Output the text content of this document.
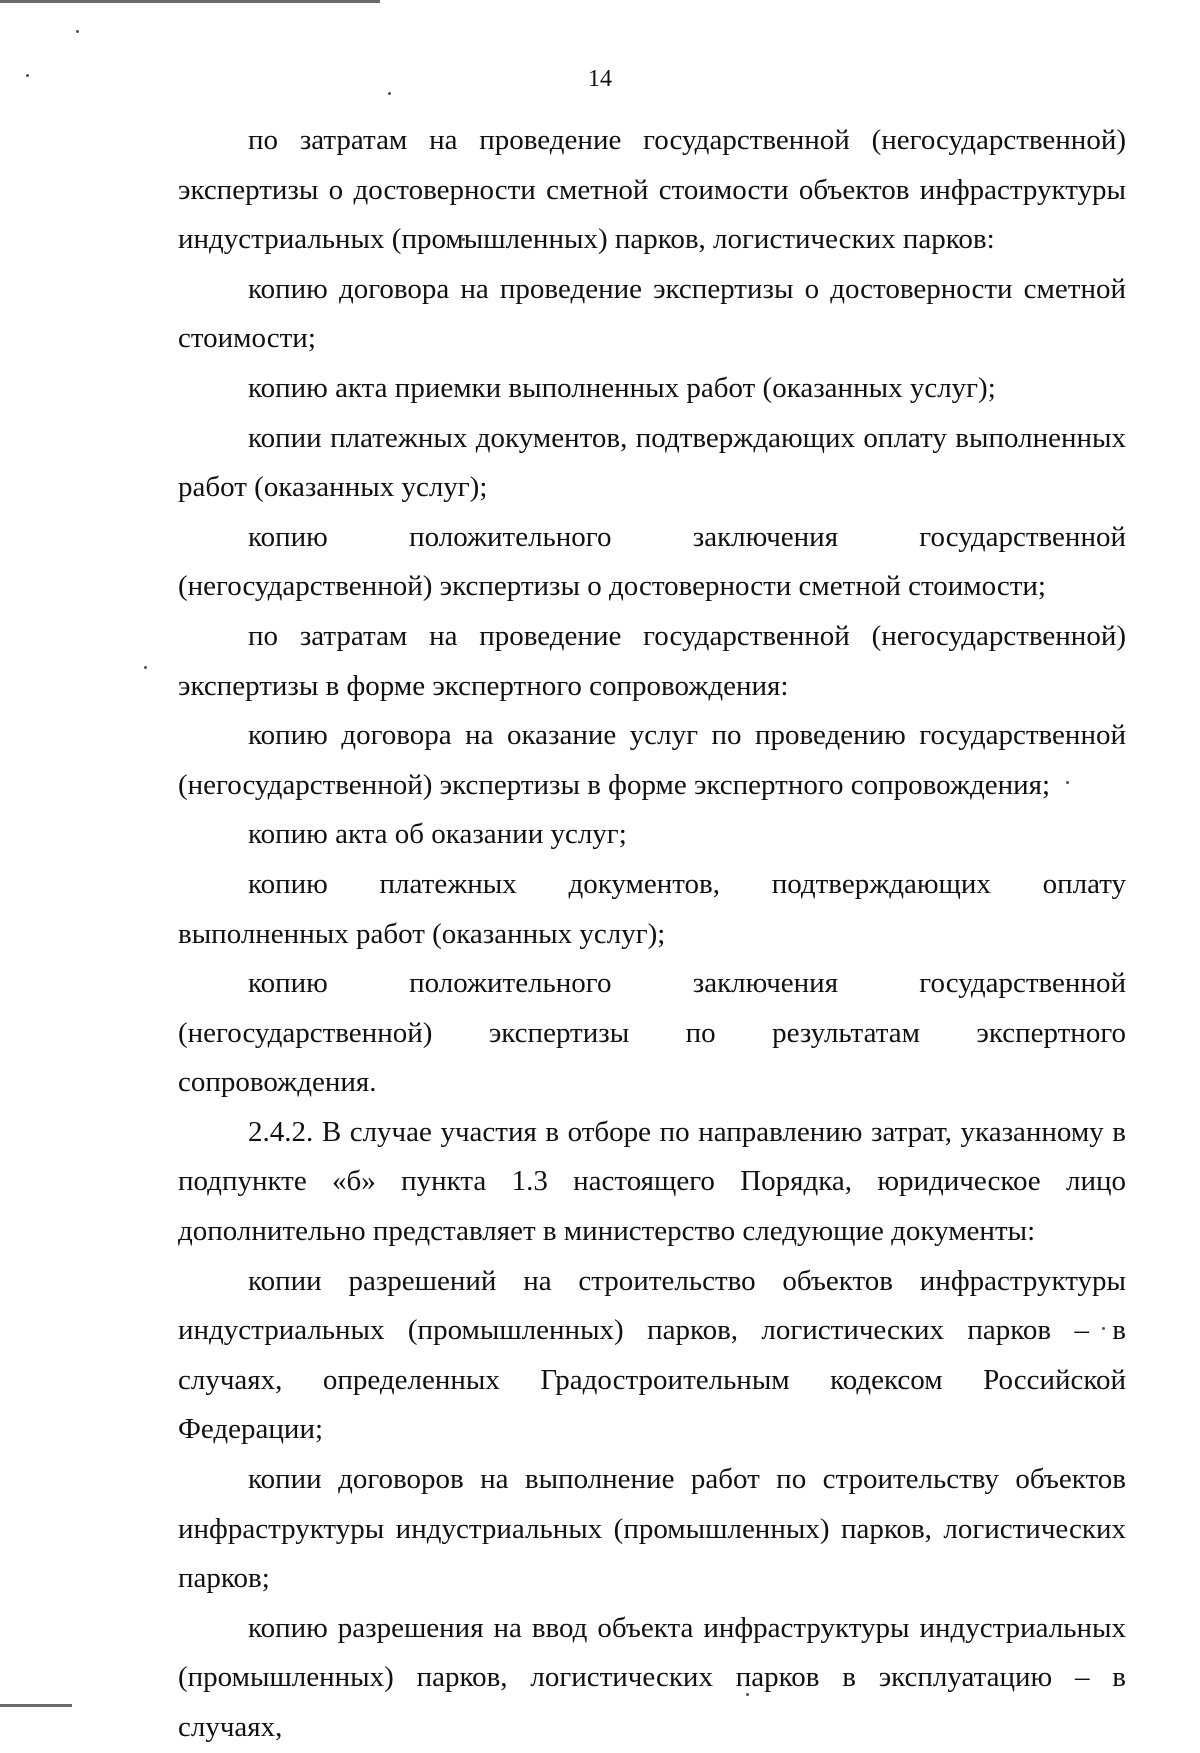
14

по затратам на проведение государственной (негосударственной) экспертизы о достоверности сметной стоимости объектов инфраструктуры индустриальных (промышленных) парков, логистических парков:

копию договора на проведение экспертизы о достоверности сметной стоимости;

копию акта приемки выполненных работ (оказанных услуг);

копии платежных документов, подтверждающих оплату выполненных работ (оказанных услуг);

копию положительного заключения государственной (негосударственной) экспертизы о достоверности сметной стоимости;

по затратам на проведение государственной (негосударственной) экспертизы в форме экспертного сопровождения:

копию договора на оказание услуг по проведению государственной (негосударственной) экспертизы в форме экспертного сопровождения;

копию акта об оказании услуг;

копию платежных документов, подтверждающих оплату выполненных работ (оказанных услуг);

копию положительного заключения государственной (негосударственной) экспертизы по результатам экспертного сопровождения.

2.4.2. В случае участия в отборе по направлению затрат, указанному в подпункте «б» пункта 1.3 настоящего Порядка, юридическое лицо дополнительно представляет в министерство следующие документы:

копии разрешений на строительство объектов инфраструктуры индустриальных (промышленных) парков, логистических парков – в случаях, определенных Градостроительным кодексом Российской Федерации;

копии договоров на выполнение работ по строительству объектов инфраструктуры индустриальных (промышленных) парков, логистических парков;

копию разрешения на ввод объекта инфраструктуры индустриальных (промышленных) парков, логистических парков в эксплуатацию – в случаях,
